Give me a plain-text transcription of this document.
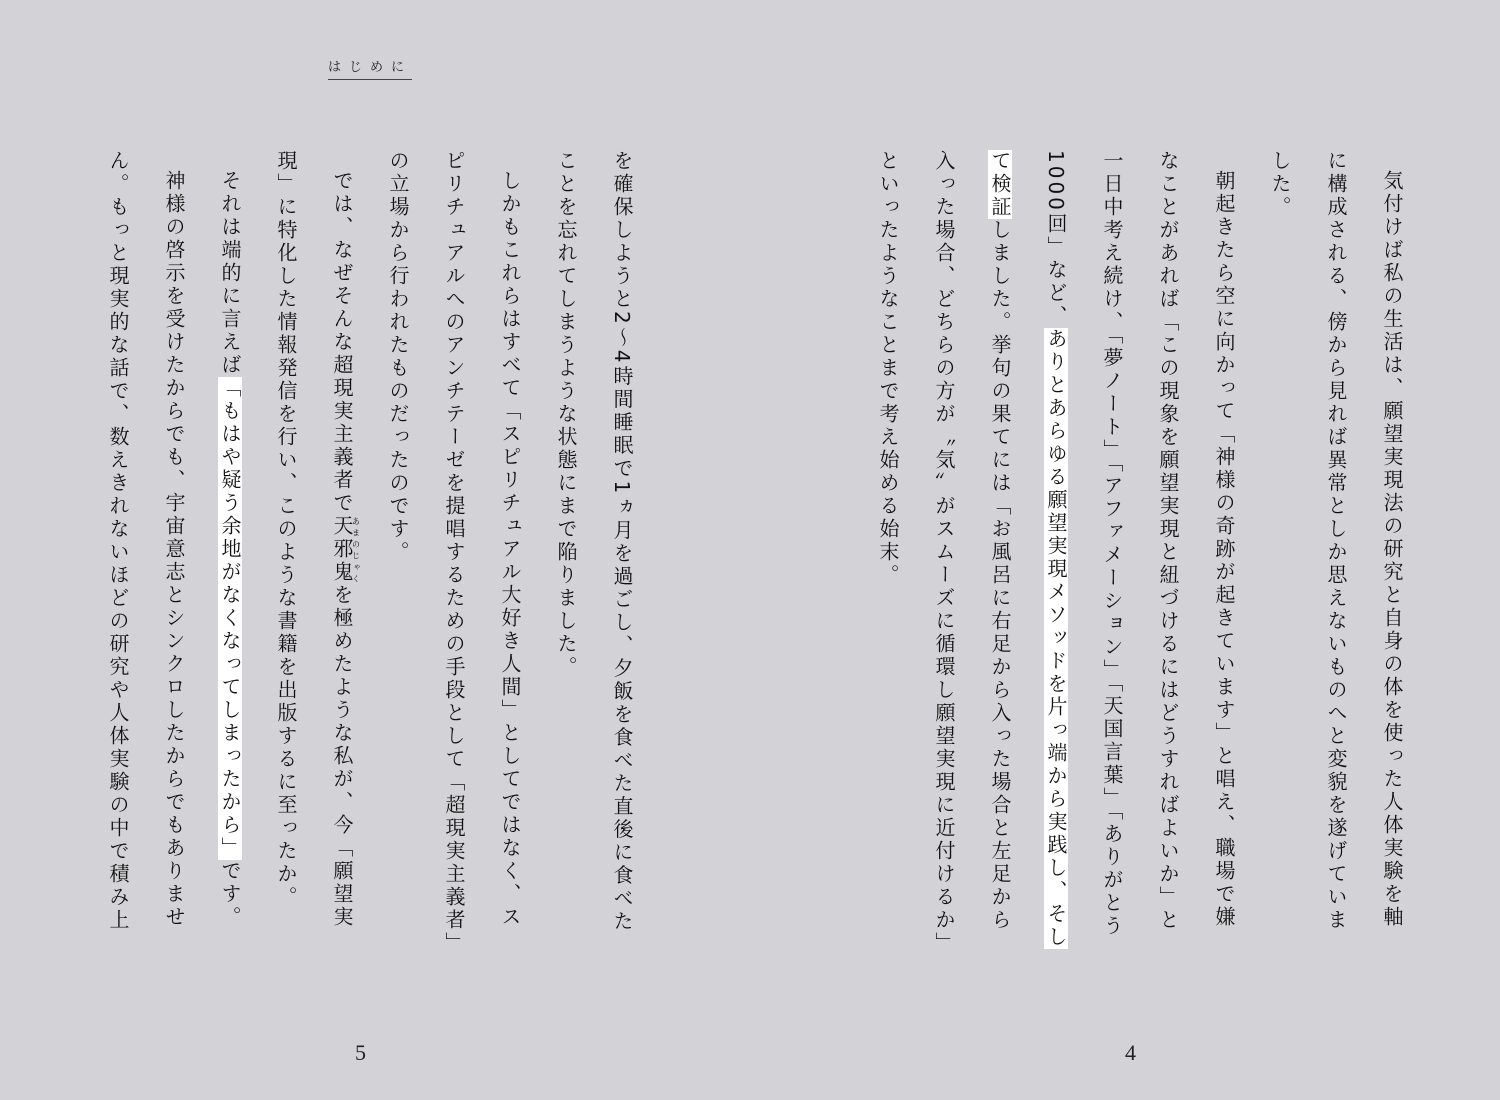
はじめに

を確保しようと2～4時間睡眠で1ヵ月を過ごし、夕飯を食べた直後に食べたことを忘れてしまうような状態にまで陥りました。

しかもこれらはすべて「スピリチュアル大好き人間」としてではなく、スピリチュアルへのアンチテーゼを提唱するための手段として「超現実主義者」の立場から行われたものだったのです。

では、なぜそんな超現実主義者で天邪鬼あまのじゃくを極めたような私が、今「願望実現」に特化した情報発信を行い、このような書籍を出版するに至ったか。

それは端的に言えば「もはや疑う余地がなくなってしまったから」です。

神様の啓示を受けたからでも、宇宙意志とシンクロしたからでもありません。もっと現実的な話で、数えきれないほどの研究や人体実験の中で積み上

5

気付けば私の生活は、願望実現法の研究と自身の体を使った人体実験を軸に構成される、傍から見れば異常としか思えないものへと変貌を遂げていました。

朝起きたら空に向かって「神様の奇跡が起きています」と唱え、職場で嫌なことがあれば「この現象を願望実現と紐づけるにはどうすればよいか」と一日中考え続け、「夢ノート」「アファメーション」「天国言葉」「ありがとう1000回」など、ありとあらゆる願望実現メソッドを片っ端から実践し、そして検証しました。挙句の果てには「お風呂に右足から入った場合と左足から入った場合、どちらの方が〝気〟がスムーズに循環し願望実現に近付けるか」といったようなことまで考え始める始末。

4
